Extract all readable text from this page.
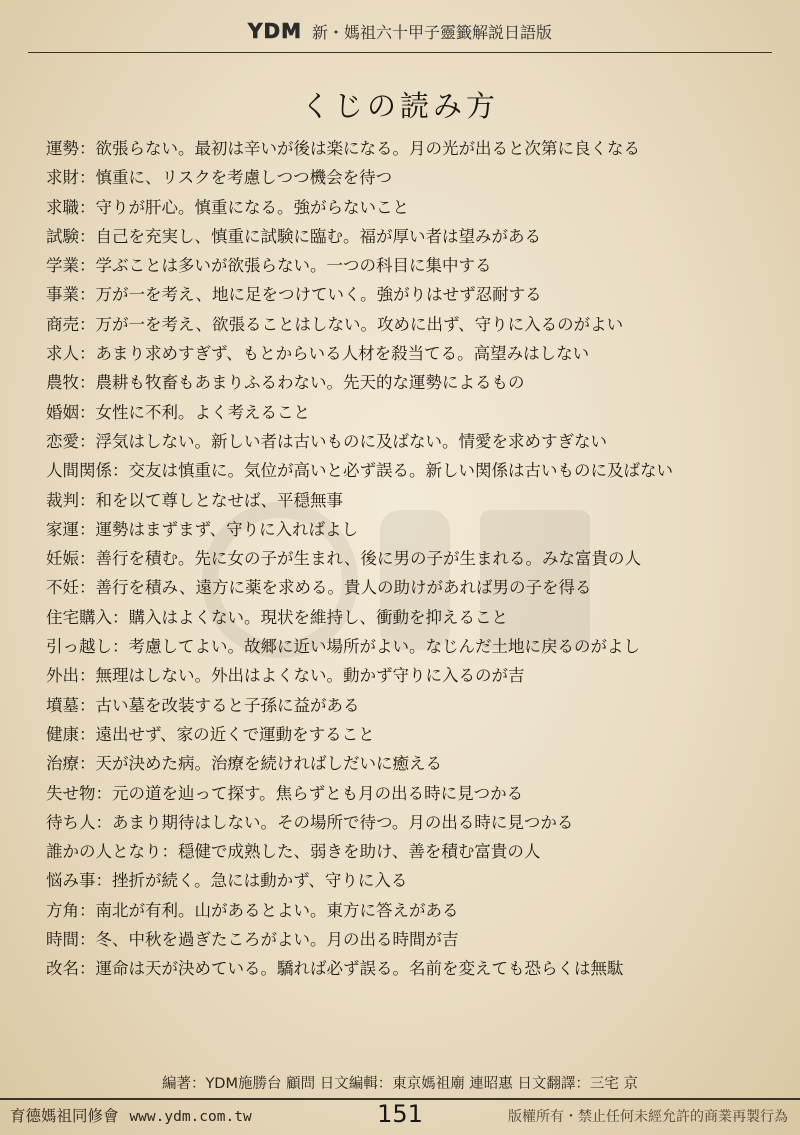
YDM 新・媽祖六十甲子靈籤解説日語版
くじの読み方
運勢：欲張らない。最初は辛いが後は楽になる。月の光が出ると次第に良くなる
求財：慎重に、リスクを考慮しつつ機会を待つ
求職：守りが肝心。慎重になる。強がらないこと
試験：自己を充実し、慎重に試験に臨む。福が厚い者は望みがある
学業：学ぶことは多いが欲張らない。一つの科目に集中する
事業：万が一を考え、地に足をつけていく。強がりはせず忍耐する
商売：万が一を考え、欲張ることはしない。攻めに出ず、守りに入るのがよい
求人：あまり求めすぎず、もとからいる人材を殺当てる。高望みはしない
農牧：農耕も牧畜もあまりふるわない。先天的な運勢によるもの
婚姻：女性に不利。よく考えること
恋愛：浮気はしない。新しい者は古いものに及ばない。情愛を求めすぎない
人間関係：交友は慎重に。気位が高いと必ず誤る。新しい関係は古いものに及ばない
裁判：和を以て尊しとなせば、平穏無事
家運：運勢はまずまず、守りに入ればよし
妊娠：善行を積む。先に女の子が生まれ、後に男の子が生まれる。みな富貴の人
不妊：善行を積み、遠方に薬を求める。貴人の助けがあれば男の子を得る
住宅購入：購入はよくない。現状を維持し、衝動を抑えること
引っ越し：考慮してよい。故郷に近い場所がよい。なじんだ土地に戻るのがよし
外出：無理はしない。外出はよくない。動かず守りに入るのが吉
墳墓：古い墓を改装すると子孫に益がある
健康：遠出せず、家の近くで運動をすること
治療：天が決めた病。治療を続ければしだいに癒える
失せ物：元の道を辿って探す。焦らずとも月の出る時に見つかる
待ち人：あまり期待はしない。その場所で待つ。月の出る時に見つかる
誰かの人となり：穏健で成熟した、弱きを助け、善を積む富貴の人
悩み事：挫折が続く。急には動かず、守りに入る
方角：南北が有利。山があるとよい。東方に答えがある
時間：冬、中秋を過ぎたころがよい。月の出る時間が吉
改名：運命は天が決めている。驕れば必ず誤る。名前を変えても恐らくは無駄
編著：YDM施勝台 顧問 日文編輯：東京媽祖廟 連昭惠 日文翻譯：三宅 京
育德媽祖同修會 www.ydm.com.tw	151	版權所有・禁止任何未經允許的商業再製行為
